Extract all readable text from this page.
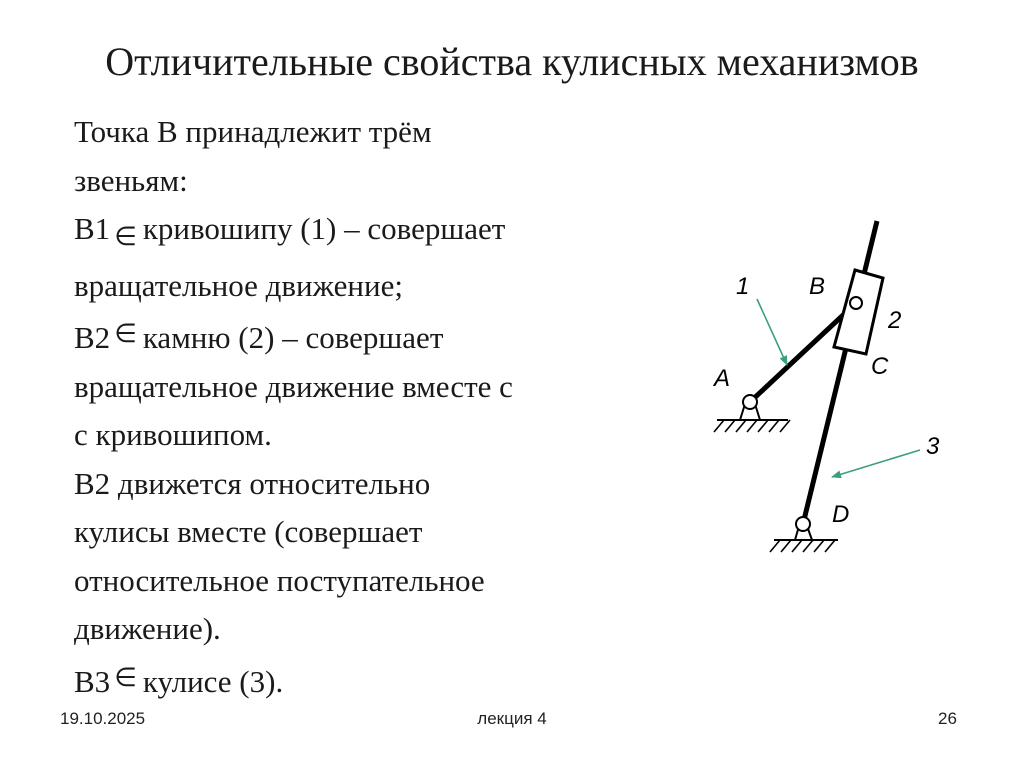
Отличительные свойства кулисных механизмов
Точка В принадлежит трём
звеньям:
В1 ∈ кривошипу (1) – совершает
вращательное движение;
В2 ∈ камню (2) – совершает
вращательное движение вместе с
с кривошипом.
В2 движется относительно
кулисы вместе (совершает
относительное поступательное
движение).
В3 ∈ кулисе (3).
1 B
2
C
A
3
D
19.10.2025	лекция 4	26
